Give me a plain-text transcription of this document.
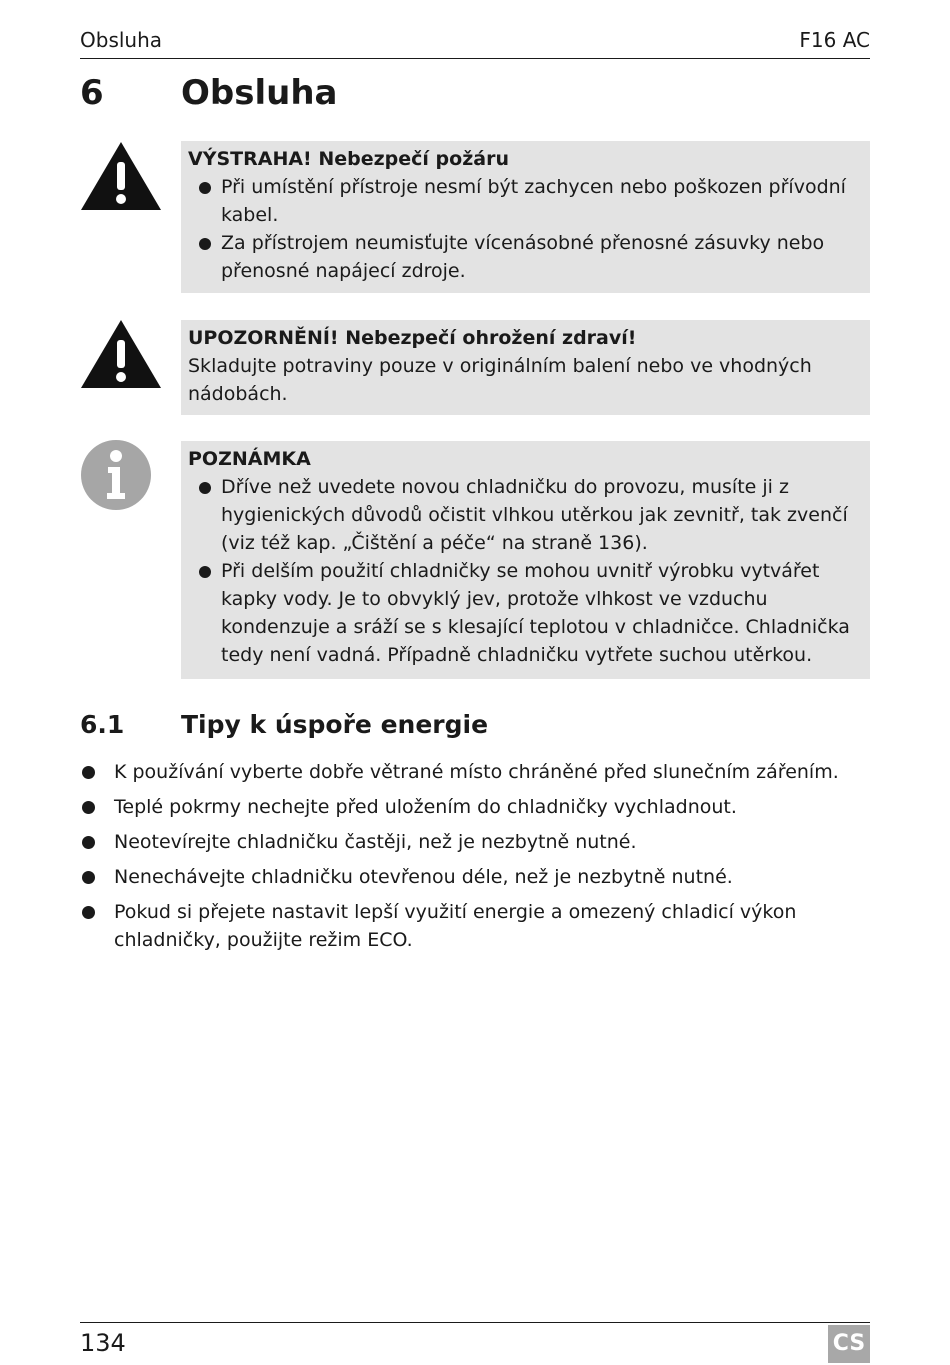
Obsluha	F16 AC
6 Obsluha
VÝSTRAHA! Nebezpečí požáru
Při umístění přístroje nesmí být zachycen nebo poškozen přívodní kabel.
Za přístrojem neumisťujte vícenásobné přenosné zásuvky nebo přenosné napájecí zdroje.
UPOZORNĚNÍ! Nebezpečí ohrožení zdraví!
Skladujte potraviny pouze v originálním balení nebo ve vhodných nádobách.
POZNÁMKA
Dříve než uvedete novou chladničku do provozu, musíte ji z hygienických důvodů očistit vlhkou utěrkou jak zevnitř, tak zvenčí (viz též kap. „Čištění a péče“ na straně 136).
Při delším použití chladničky se mohou uvnitř výrobku vytvářet kapky vody. Je to obvyklý jev, protože vlhkost ve vzduchu kondenzuje a sráží se s klesající teplotou v chladničce. Chladnička tedy není vadná. Případně chladničku vytřete suchou utěrkou.
6.1 Tipy k úspoře energie
K používání vyberte dobře větrané místo chráněné před slunečním zářením.
Teplé pokrmy nechejte před uložením do chladničky vychladnout.
Neotevírejte chladničku častěji, než je nezbytně nutné.
Nenechávejte chladničku otevřenou déle, než je nezbytně nutné.
Pokud si přejete nastavit lepší využití energie a omezený chladicí výkon chladničky, použijte režim ECO.
134	CS
